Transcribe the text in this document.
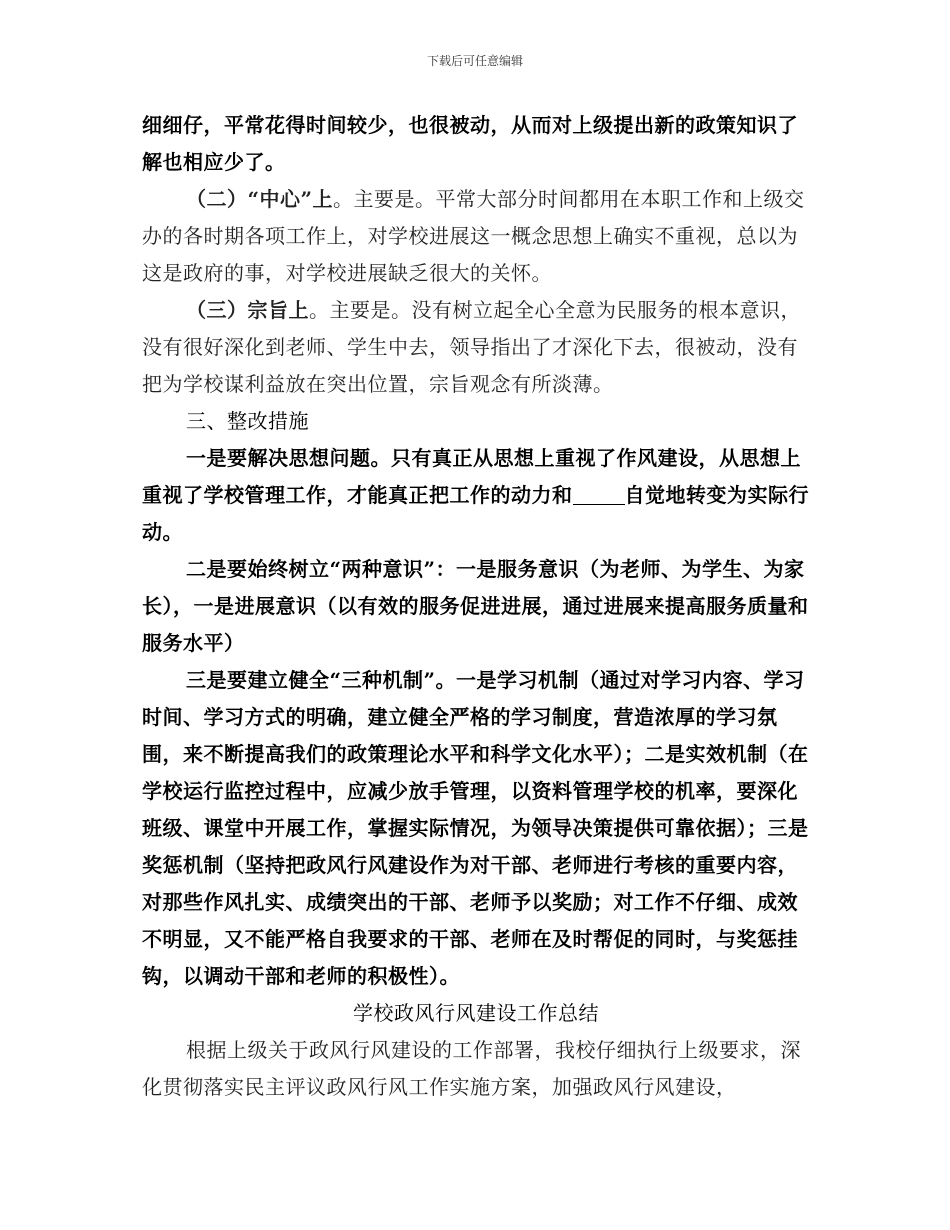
下载后可任意编辑

细细仔，平常花得时间较少，也很被动，从而对上级提出新的政策知识了解也相应少了。

（二）“中心”上。主要是。平常大部分时间都用在本职工作和上级交办的各时期各项工作上，对学校进展这一概念思想上确实不重视，总以为这是政府的事，对学校进展缺乏很大的关怀。

（三）宗旨上。主要是。没有树立起全心全意为民服务的根本意识，没有很好深化到老师、学生中去，领导指出了才深化下去，很被动，没有把为学校谋利益放在突出位置，宗旨观念有所淡薄。

三、整改措施

一是要解决思想问题。只有真正从思想上重视了作风建设，从思想上重视了学校管理工作，才能真正把工作的动力和	自觉地转变为实际行动。

二是要始终树立“两种意识”：一是服务意识（为老师、为学生、为家长），一是进展意识（以有效的服务促进进展，通过进展来提高服务质量和服务水平）

三是要建立健全“三种机制”。一是学习机制（通过对学习内容、学习时间、学习方式的明确，建立健全严格的学习制度，营造浓厚的学习氛围，来不断提高我们的政策理论水平和科学文化水平）；二是实效机制（在学校运行监控过程中，应减少放手管理，以资料管理学校的机率，要深化班级、课堂中开展工作，掌握实际情况，为领导决策提供可靠依据）；三是奖惩机制（坚持把政风行风建设作为对干部、老师进行考核的重要内容，对那些作风扎实、成绩突出的干部、老师予以奖励；对工作不仔细、成效不明显，又不能严格自我要求的干部、老师在及时帮促的同时，与奖惩挂钩，以调动干部和老师的积极性）。

学校政风行风建设工作总结

根据上级关于政风行风建设的工作部署，我校仔细执行上级要求，深化贯彻落实民主评议政风行风工作实施方案，加强政风行风建设，
